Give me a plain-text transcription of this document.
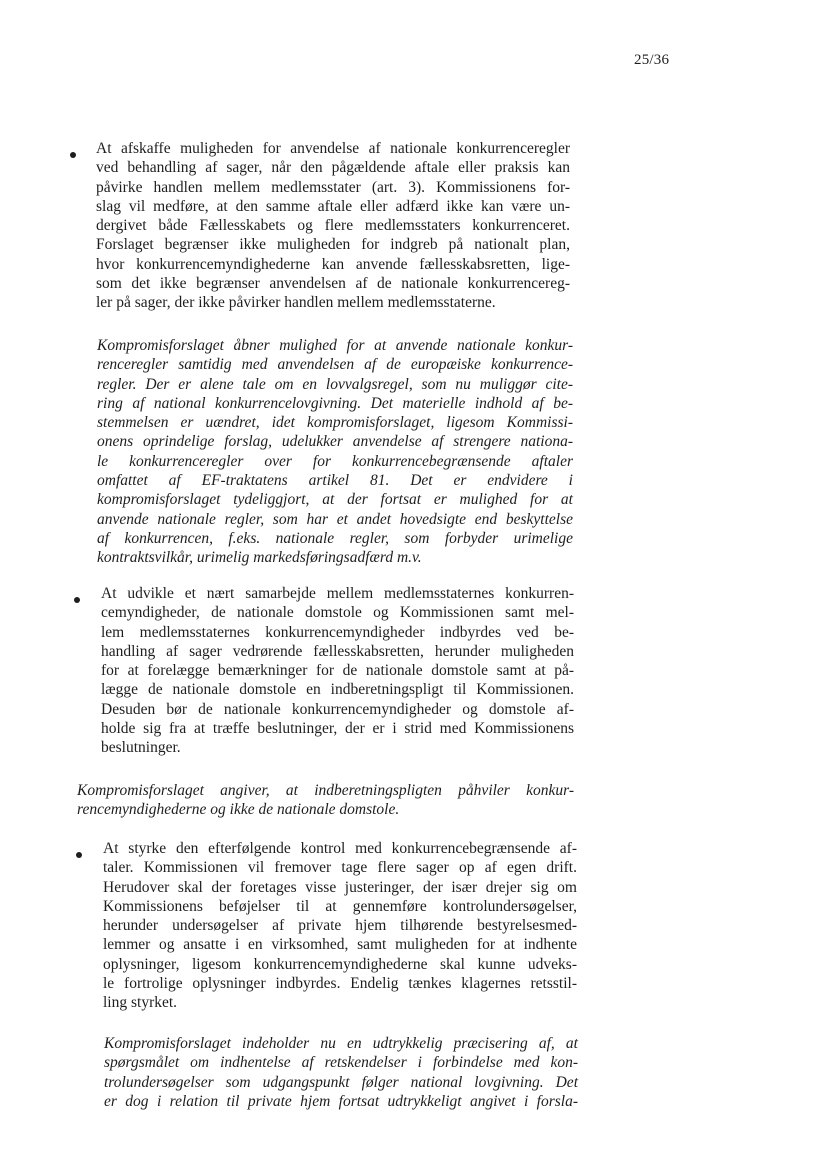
25/36
At afskaffe muligheden for anvendelse af nationale konkurrenceregler
ved behandling af sager, når den pågældende aftale eller praksis kan
påvirke handlen mellem medlemsstater (art. 3). Kommissionens for-
slag vil medføre, at den samme aftale eller adfærd ikke kan være un-
dergivet både Fællesskabets og flere medlemsstaters konkurrenceret.
Forslaget begrænser ikke muligheden for indgreb på nationalt plan,
hvor konkurrencemyndighederne kan anvende fællesskabsretten, lige-
som det ikke begrænser anvendelsen af de nationale konkurrencereg-
ler på sager, der ikke påvirker handlen mellem medlemsstaterne.
Kompromisforslaget åbner mulighed for at anvende nationale konkur-
renceregler samtidig med anvendelsen af de europæiske konkurrence-
regler. Der er alene tale om en lovvalgsregel, som nu muliggør cite-
ring af national konkurrencelovgivning. Det materielle indhold af be-
stemmelsen er uændret, idet kompromisforslaget, ligesom Kommissi-
onens oprindelige forslag, udelukker anvendelse af strengere nationa-
le konkurrenceregler over for konkurrencebegrænsende aftaler
omfattet af EF-traktatens artikel 81. Det er endvidere i
kompromisforslaget tydeliggjort, at der fortsat er mulighed for at
anvende nationale regler, som har et andet hovedsigte end beskyttelse
af konkurrencen, f.eks. nationale regler, som forbyder urimelige
kontraktsvilkår, urimelig markedsføringsadfærd m.v.
At udvikle et nært samarbejde mellem medlemsstaternes konkurren-
cemyndigheder, de nationale domstole og Kommissionen samt mel-
lem medlemsstaternes konkurrencemyndigheder indbyrdes ved be-
handling af sager vedrørende fællesskabsretten, herunder muligheden
for at forelægge bemærkninger for de nationale domstole samt at på-
lægge de nationale domstole en indberetningspligt til Kommissionen.
Desuden bør de nationale konkurrencemyndigheder og domstole af-
holde sig fra at træffe beslutninger, der er i strid med Kommissionens
beslutninger.
Kompromisforslaget angiver, at indberetningspligten påhviler konkur-
rencemyndighederne og ikke de nationale domstole.
At styrke den efterfølgende kontrol med konkurrencebegrænsende af-
taler. Kommissionen vil fremover tage flere sager op af egen drift.
Herudover skal der foretages visse justeringer, der især drejer sig om
Kommissionens beføjelser til at gennemføre kontrolundersøgelser,
herunder undersøgelser af private hjem tilhørende bestyrelsesmed-
lemmer og ansatte i en virksomhed, samt muligheden for at indhente
oplysninger, ligesom konkurrencemyndighederne skal kunne udveks-
le fortrolige oplysninger indbyrdes. Endelig tænkes klagernes retsstil-
ling styrket.
Kompromisforslaget indeholder nu en udtrykkelig præcisering af, at
spørgsmålet om indhentelse af retskendelser i forbindelse med kon-
trolundersøgelser som udgangspunkt følger national lovgivning. Det
er dog i relation til private hjem fortsat udtrykkeligt angivet i forsla-
